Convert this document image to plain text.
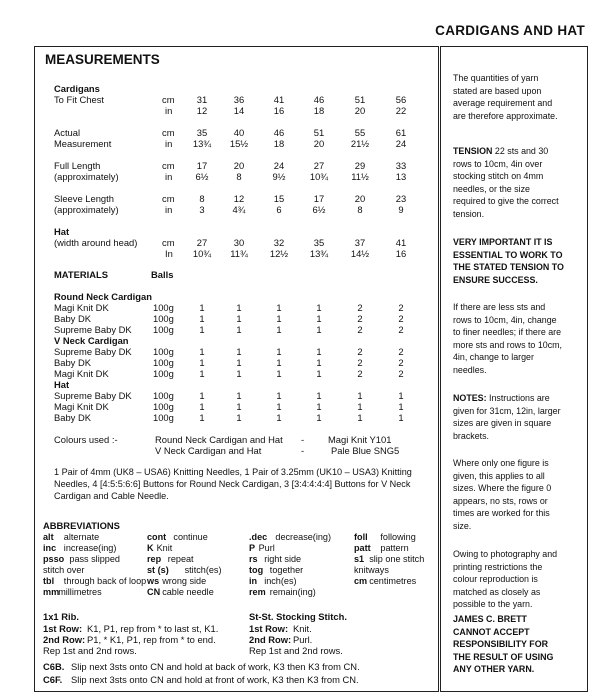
CARDIGANS AND HAT
MEASUREMENTS
Cardigans
To Fit Chest	cm	31	36	41	46	51	56
in	12	14	16	18	20	22
Actual
Measurement
cm	35	40	46	51	55	61
in	13¾	15½	18	20	21½	24
Full Length
(approximately)
cm	17	20	24	27	29	33
in	6½	8	9½	10¾	11½	13
Sleeve Length
(approximately)
cm	8	12	15	17	20	23
in	3	4¾	6	6½	8	9
Hat
(width around head)	cm	27	30	32	35	37	41
In	10¾	11¾	12½	13¾	14½	16
MATERIALS	Balls
Round Neck Cardigan
Magi Knit DK	100g	1	1	1	1	2	2
Baby DK	100g	1	1	1	1	2	2
Supreme Baby DK 100g	1	1	1	1	2	2
V Neck Cardigan
Supreme Baby DK 100g	1	1	1	1	2	2
Baby DK	100g	1	1	1	1	2	2
Magi Knit DK	100g	1	1	1	1	2	2
Hat
Supreme Baby DK 100g	1	1	1	1	1	1
Magi Knit DK	100g	1	1	1	1	1	1
Baby DK	100g	1	1	1	1	1	1
Colours used :-	Round Neck Cardigan and Hat -	Magi Knit Y101
V Neck Cardigan and Hat	-	Pale Blue SNG5
1 Pair of 4mm (UK8 – USA6) Knitting Needles, 1 Pair of 3.25mm (UK10 – USA3) Knitting
Needles, 4 [4:5:5:6:6] Buttons for Round Neck Cardigan, 3 [3:4:4:4:4] Buttons for V Neck
Cardigan and Cable Needle.
ABBREVIATIONS
alt alternate
inc increase(ing)
psso pass slipped
stitch over
tbl through back of loop
mm millimetres
cont continue
K Knit
rep repeat
st (s) stitch(es)
ws wrong side
CN cable needle
.dec decrease(ing)
P Purl
rs right side
tog together
in inch(es)
rem remain(ing)
foll following
patt pattern
s1 slip one stitch
knitways
cm centimetres
1x1 Rib.
1st Row: K1, P1, rep from * to last st, K1.
2nd Row: P1, * K1, P1, rep from * to end.
Rep 1st and 2nd rows.
St-St. Stocking Stitch.
1st Row: Knit.
2nd Row: Purl.
Rep 1st and 2nd rows.
C6B. Slip next 3sts onto CN and hold at back of work, K3 then K3 from CN.
C6F. Slip next 3sts onto CN and hold at front of work, K3 then K3 from CN.
The quantities of yarn
stated are based upon
average requirement and
are therefore approximate.
TENSION 22 sts and 30
rows to 10cm, 4in over
stocking stitch on 4mm
needles, or the size
required to give the correct
tension.
VERY IMPORTANT IT IS
ESSENTIAL TO WORK TO
THE STATED TENSION TO
ENSURE SUCCESS.
If there are less sts and
rows to 10cm, 4in, change
to finer needles; if there are
more sts and rows to 10cm,
4in, change to larger
needles.
NOTES: Instructions are
given for 31cm, 12in, larger
sizes are given in square
brackets.
Where only one figure is
given, this applies to all
sizes. Where the figure 0
appears, no sts, rows or
times are worked for this
size.
Owing to photography and
printing restrictions the
colour reproduction is
matched as closely as
possible to the yarn.
JAMES C. BRETT
CANNOT ACCEPT
RESPONSIBILITY FOR
THE RESULT OF USING
ANY OTHER YARN.
